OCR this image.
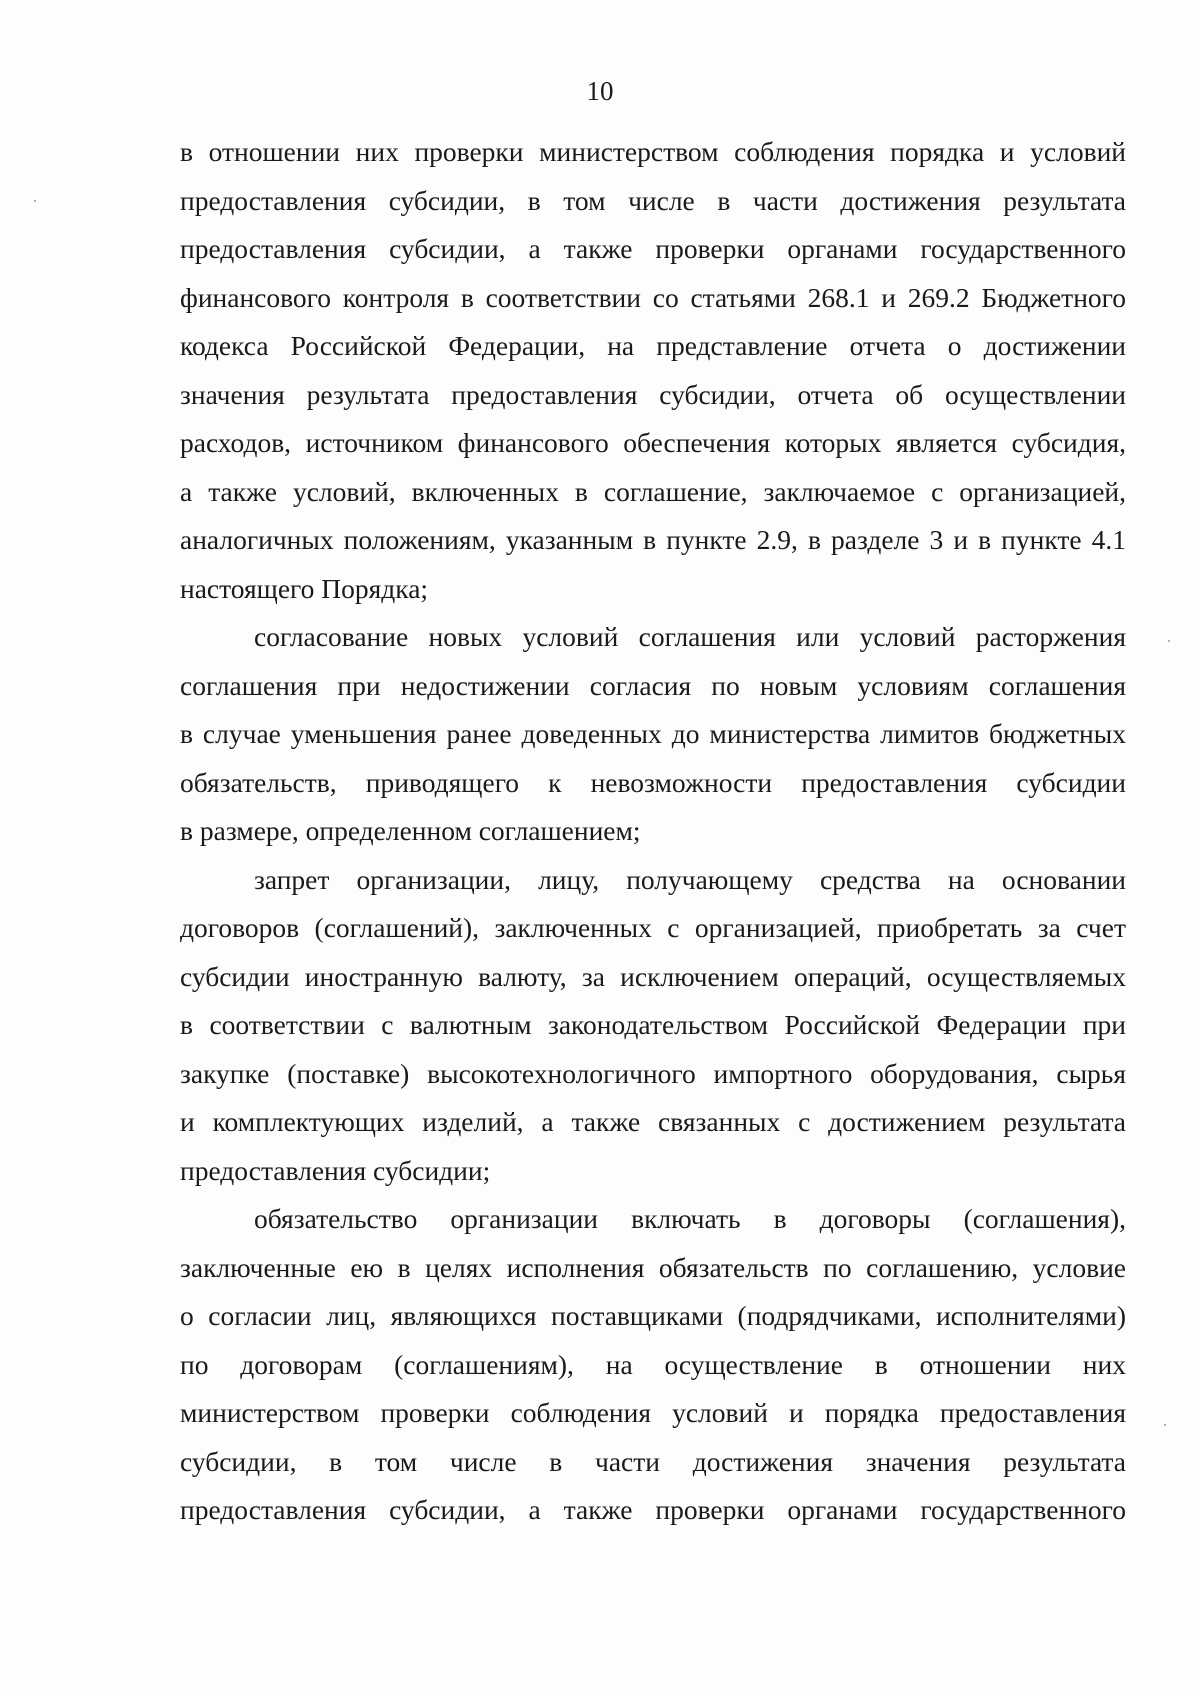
10
в отношении них проверки министерством соблюдения порядка и условий
предоставления субсидии, в том числе в части достижения результата
предоставления субсидии, а также проверки органами государственного
финансового контроля в соответствии со статьями 268.1 и 269.2 Бюджетного
кодекса Российской Федерации, на представление отчета о достижении
значения результата предоставления субсидии, отчета об осуществлении
расходов, источником финансового обеспечения которых является субсидия,
а также условий, включенных в соглашение, заключаемое с организацией,
аналогичных положениям, указанным в пункте 2.9, в разделе 3 и в пункте 4.1
настоящего Порядка;
согласование новых условий соглашения или условий расторжения
соглашения при недостижении согласия по новым условиям соглашения
в случае уменьшения ранее доведенных до министерства лимитов бюджетных
обязательств, приводящего к невозможности предоставления субсидии
в размере, определенном соглашением;
запрет организации, лицу, получающему средства на основании
договоров (соглашений), заключенных с организацией, приобретать за счет
субсидии иностранную валюту, за исключением операций, осуществляемых
в соответствии с валютным законодательством Российской Федерации при
закупке (поставке) высокотехнологичного импортного оборудования, сырья
и комплектующих изделий, а также связанных с достижением результата
предоставления субсидии;
обязательство организации включать в договоры (соглашения),
заключенные ею в целях исполнения обязательств по соглашению, условие
о согласии лиц, являющихся поставщиками (подрядчиками, исполнителями)
по договорам (соглашениям), на осуществление в отношении них
министерством проверки соблюдения условий и порядка предоставления
субсидии, в том числе в части достижения значения результата
предоставления субсидии, а также проверки органами государственного
